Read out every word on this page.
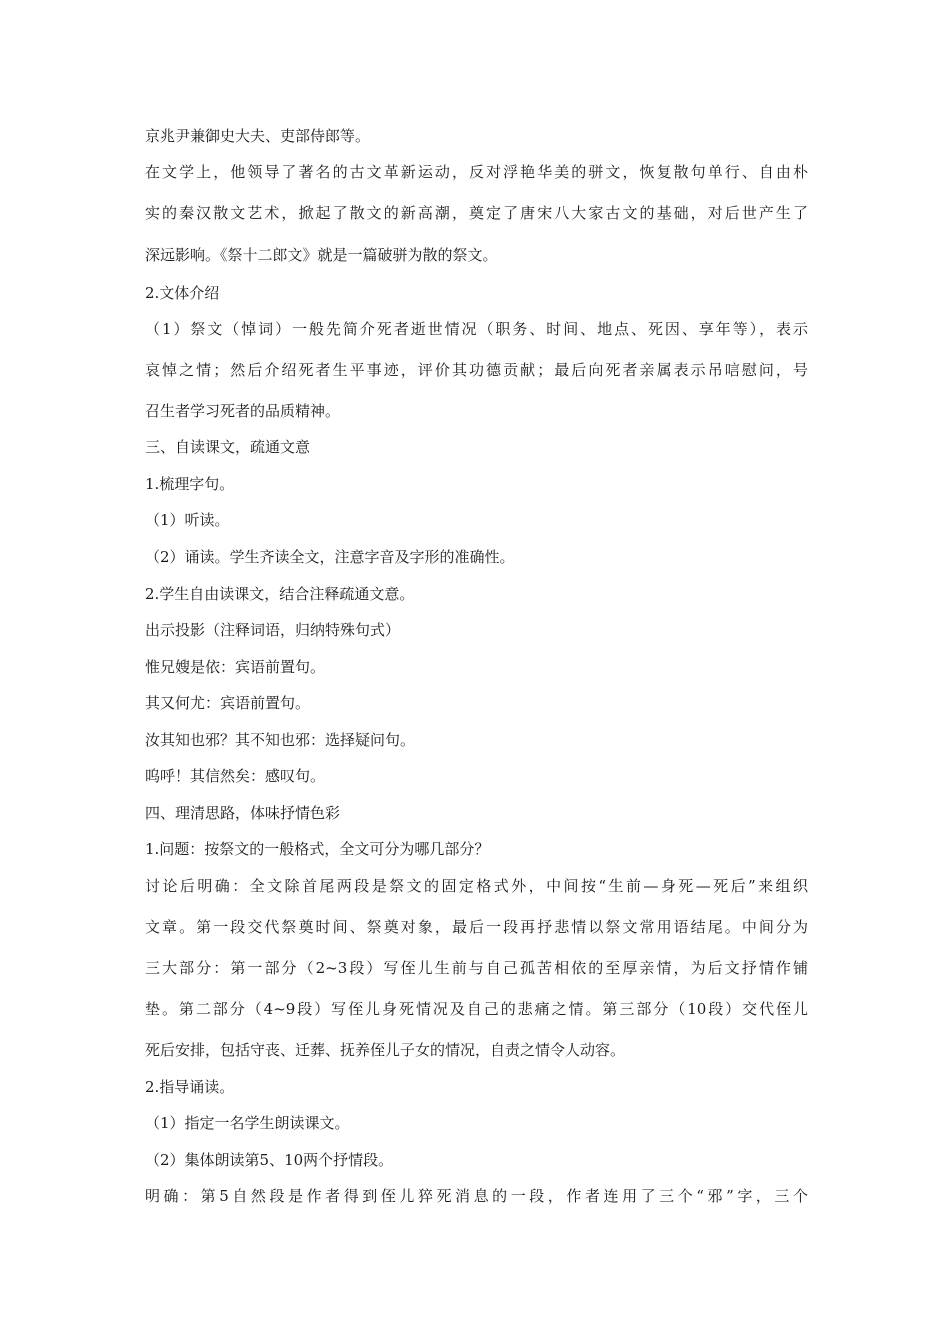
京兆尹兼御史大夫、吏部侍郎等。

在文学上，他领导了著名的古文革新运动，反对浮艳华美的骈文，恢复散句单行、自由朴

实的秦汉散文艺术，掀起了散文的新高潮，奠定了唐宋八大家古文的基础，对后世产生了

深远影响。《祭十二郎文》就是一篇破骈为散的祭文。

2.文体介绍

（1）祭文（悼词）一般先简介死者逝世情况（职务、时间、地点、死因、享年等），表示

哀悼之情；然后介绍死者生平事迹，评价其功德贡献；最后向死者亲属表示吊唁慰问，号

召生者学习死者的品质精神。

三、自读课文，疏通文意

1.梳理字句。

（1）听读。

（2）诵读。学生齐读全文，注意字音及字形的准确性。

2.学生自由读课文，结合注释疏通文意。

出示投影（注释词语，归纳特殊句式）

惟兄嫂是依：宾语前置句。

其又何尤：宾语前置句。

汝其知也邪？其不知也邪：选择疑问句。

呜呼！其信然矣：感叹句。

四、理清思路，体味抒情色彩

1.问题：按祭文的一般格式，全文可分为哪几部分？

讨论后明确：全文除首尾两段是祭文的固定格式外，中间按“生前—身死—死后”来组织

文章。第一段交代祭奠时间、祭奠对象，最后一段再抒悲情以祭文常用语结尾。中间分为

三大部分：第一部分（2~3段）写侄儿生前与自己孤苦相依的至厚亲情，为后文抒情作铺

垫。第二部分（4~9段）写侄儿身死情况及自己的悲痛之情。第三部分（10段）交代侄儿

死后安排，包括守丧、迁葬、抚养侄儿子女的情况，自责之情令人动容。

2.指导诵读。

（1）指定一名学生朗读课文。

（2）集体朗读第5、10两个抒情段。

明确：第5自然段是作者得到侄儿猝死消息的一段，作者连用了三个“邪”字，三个
